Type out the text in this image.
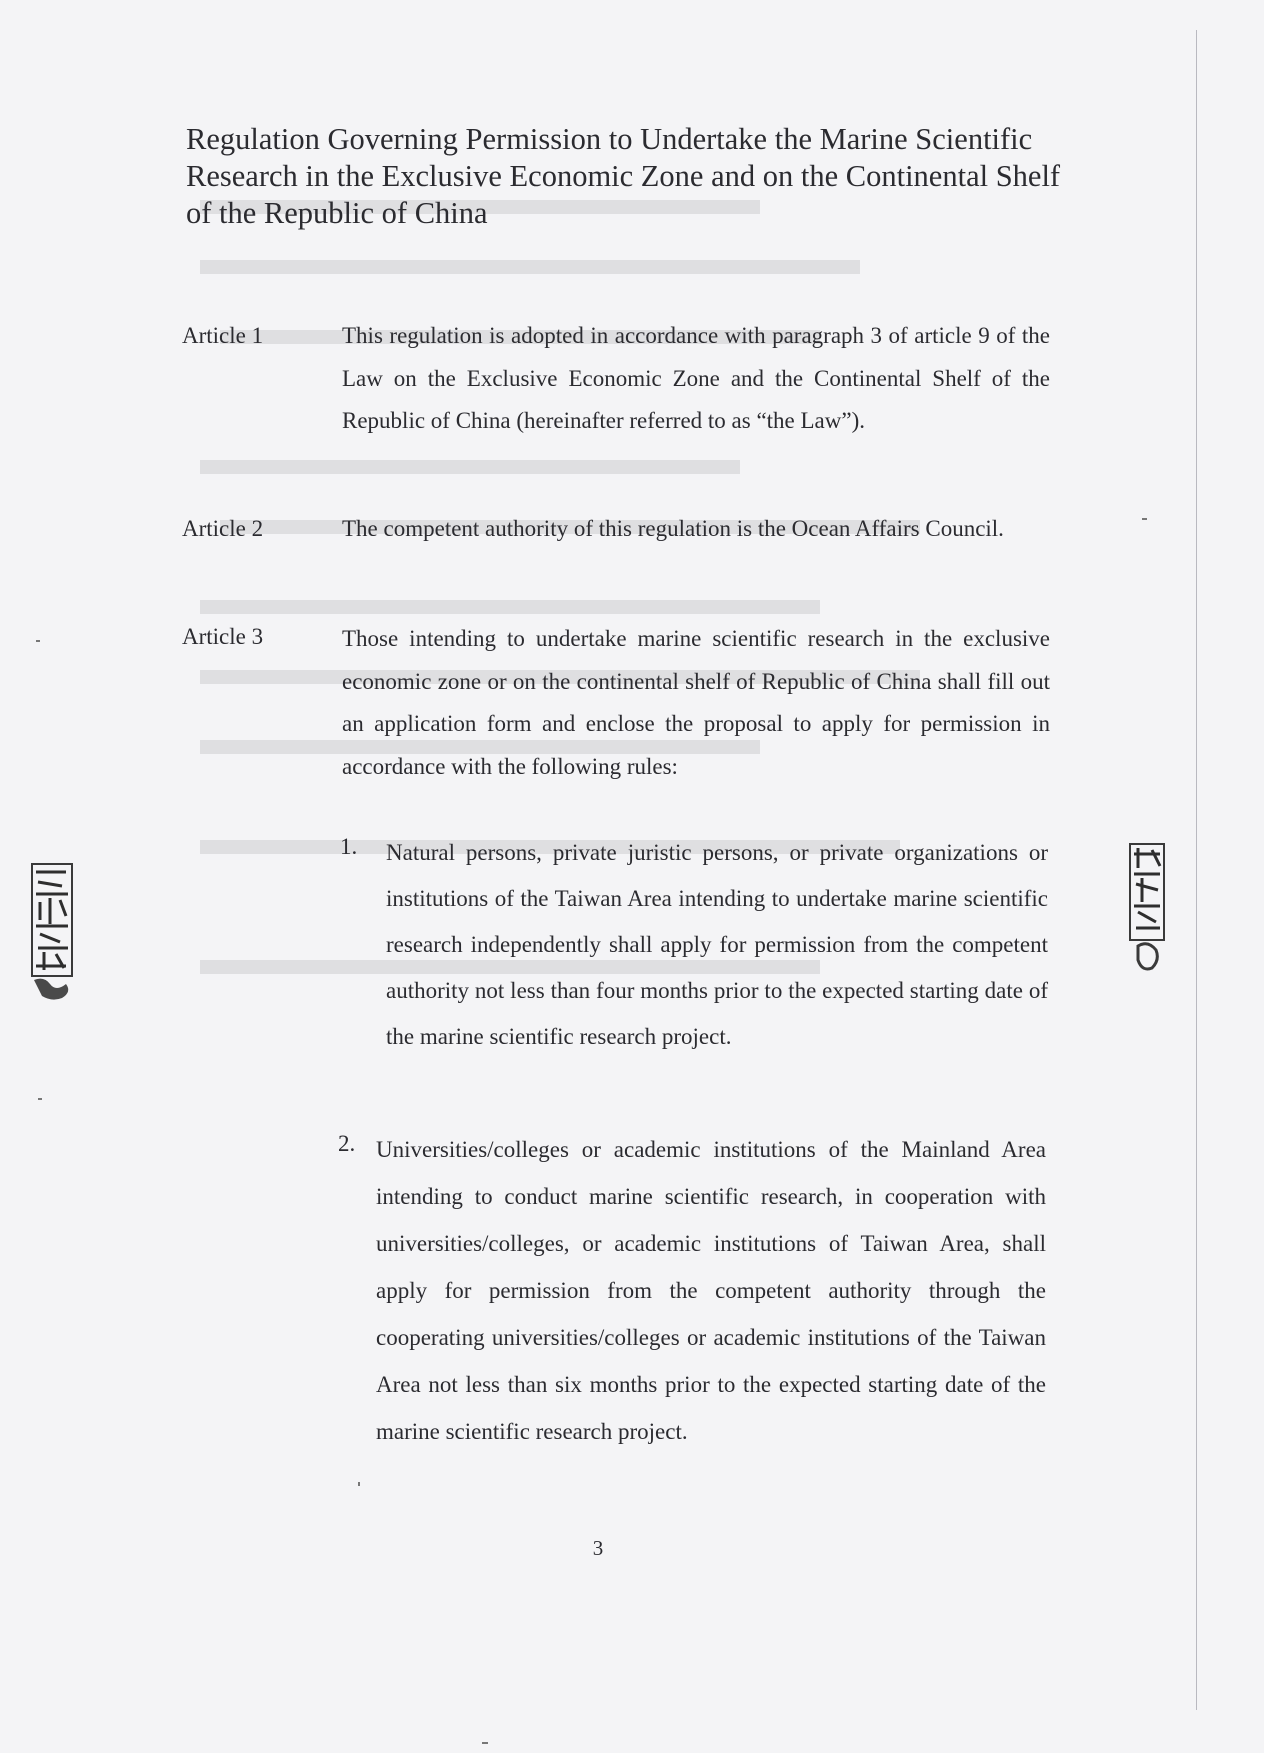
Regulation Governing Permission to Undertake the Marine Scientific Research in the Exclusive Economic Zone and on the Continental Shelf of the Republic of China
Article 1	This regulation is adopted in accordance with paragraph 3 of article 9 of the Law on the Exclusive Economic Zone and the Continental Shelf of the Republic of China (hereinafter referred to as “the Law”).
Article 2	The competent authority of this regulation is the Ocean Affairs Council.
Article 3	Those intending to undertake marine scientific research in the exclusive economic zone or on the continental shelf of Republic of China shall fill out an application form and enclose the proposal to apply for permission in accordance with the following rules:
1. Natural persons, private juristic persons, or private organizations or institutions of the Taiwan Area intending to undertake marine scientific research independently shall apply for permission from the competent authority not less than four months prior to the expected starting date of the marine scientific research project.
2. Universities/colleges or academic institutions of the Mainland Area intending to conduct marine scientific research, in cooperation with universities/colleges, or academic institutions of Taiwan Area, shall apply for permission from the competent authority through the cooperating universities/colleges or academic institutions of the Taiwan Area not less than six months prior to the expected starting date of the marine scientific research project.
3
